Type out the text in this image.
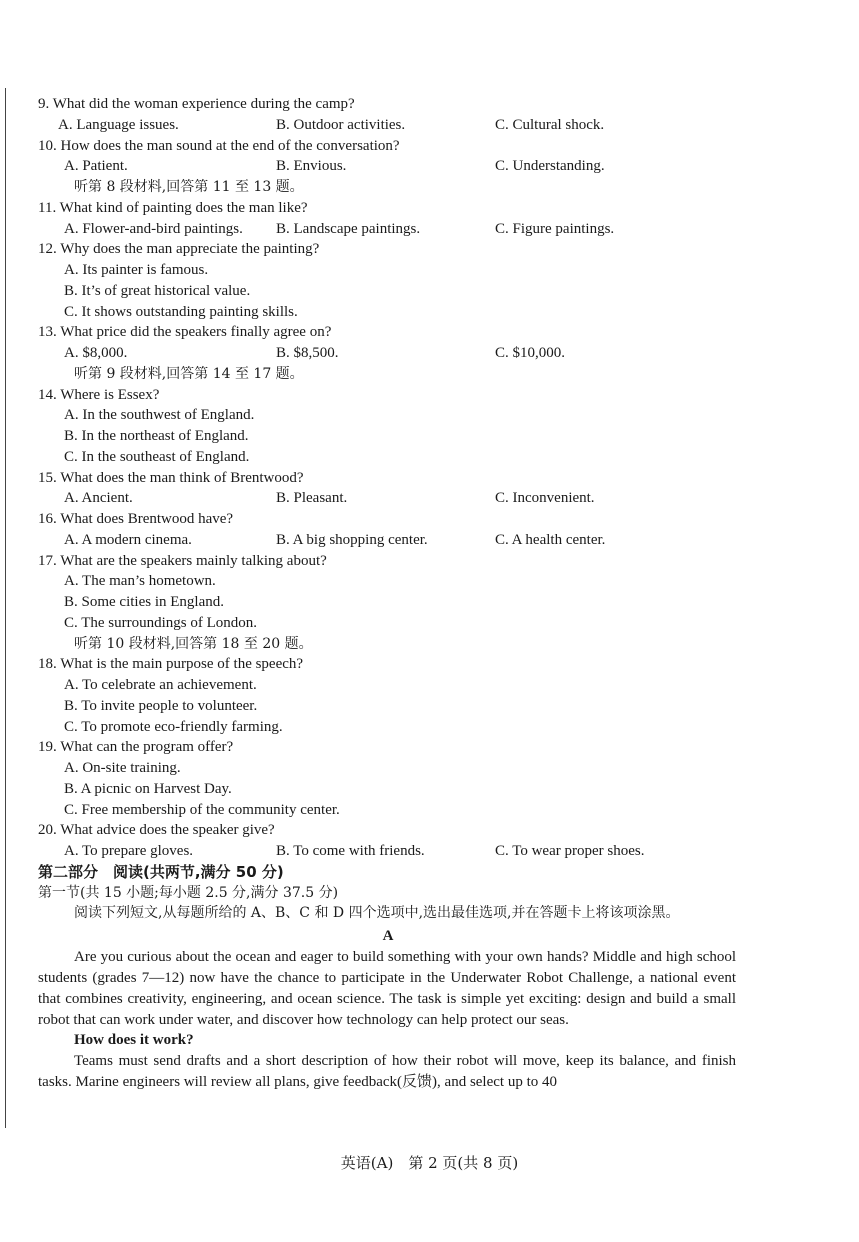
9. What did the woman experience during the camp?
A. Language issues.	B. Outdoor activities.	C. Cultural shock.
10. How does the man sound at the end of the conversation?
A. Patient.	B. Envious.	C. Understanding.
听第 8 段材料,回答第 11 至 13 题。
11. What kind of painting does the man like?
A. Flower-and-bird paintings. B. Landscape paintings.	C. Figure paintings.
12. Why does the man appreciate the painting?
A. Its painter is famous.
B. It’s of great historical value.
C. It shows outstanding painting skills.
13. What price did the speakers finally agree on?
A. $8,000.	B. $8,500.	C. $10,000.
听第 9 段材料,回答第 14 至 17 题。
14. Where is Essex?
A. In the southwest of England.
B. In the northeast of England.
C. In the southeast of England.
15. What does the man think of Brentwood?
A. Ancient.	B. Pleasant.	C. Inconvenient.
16. What does Brentwood have?
A. A modern cinema.	B. A big shopping center.	C. A health center.
17. What are the speakers mainly talking about?
A. The man’s hometown.
B. Some cities in England.
C. The surroundings of London.
听第 10 段材料,回答第 18 至 20 题。
18. What is the main purpose of the speech?
A. To celebrate an achievement.
B. To invite people to volunteer.
C. To promote eco-friendly farming.
19. What can the program offer?
A. On-site training.
B. A picnic on Harvest Day.
C. Free membership of the community center.
20. What advice does the speaker give?
A. To prepare gloves.	B. To come with friends.	C. To wear proper shoes.
第二部分　阅读(共两节,满分 50 分)
第一节(共 15 小题;每小题 2.5 分,满分 37.5 分)

阅读下列短文,从每题所给的 A、B、C 和 D 四个选项中,选出最佳选项,并在答题卡上将该项涂黑。

A

Are you curious about the ocean and eager to build something with your own hands? Middle and high school students (grades 7—12) now have the chance to participate in the Underwater Robot Challenge, a national event that combines creativity, engineering, and ocean science. The task is simple yet exciting: design and build a small robot that can work under water, and discover how technology can help protect our seas.

How does it work?

Teams must send drafts and a short description of how their robot will move, keep its balance, and finish tasks. Marine engineers will review all plans, give feedback(反馈), and select up to 40

英语(A)　第 2 页(共 8 页)
